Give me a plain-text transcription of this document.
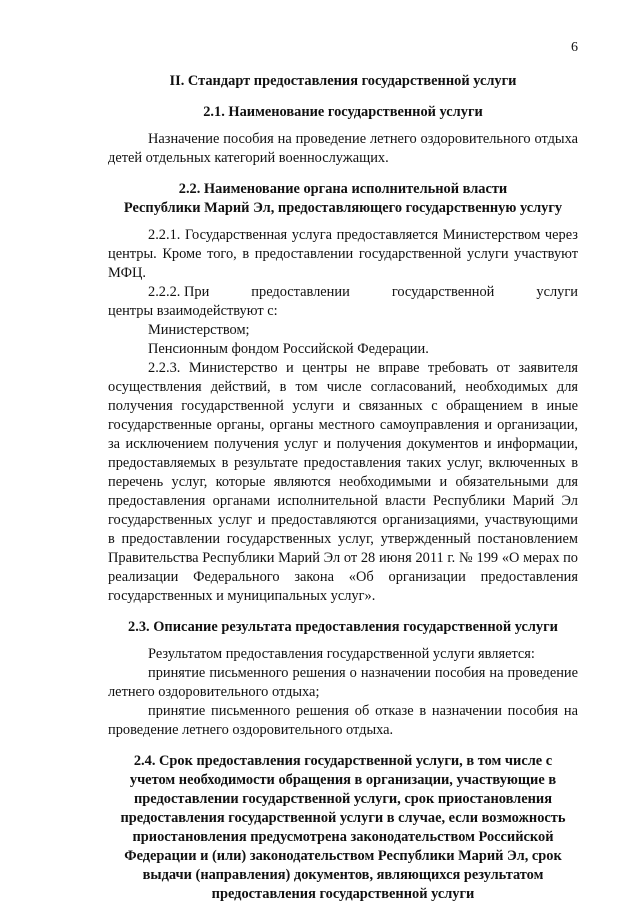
6
II. Стандарт предоставления государственной услуги
2.1. Наименование государственной услуги

Назначение пособия на проведение летнего оздоровительного отдыха детей отдельных категорий военнослужащих.

2.2. Наименование органа исполнительной власти
Республики Марий Эл, предоставляющего государственную услугу

2.2.1. Государственная услуга предоставляется Министерством через центры. Кроме того, в предоставлении государственной услуги участвуют МФЦ.

2.2.2. При	предоставлении	государственной	услуги

центры взаимодействуют с:

Министерством;

Пенсионным фондом Российской Федерации.

2.2.3. Министерство и центры не вправе требовать от заявителя осуществления действий, в том числе согласований, необходимых для получения государственной услуги и связанных с обращением в иные государственные органы, органы местного самоуправления и организации, за исключением получения услуг и получения документов и информации, предоставляемых в результате предоставления таких услуг, включенных в перечень услуг, которые являются необходимыми и обязательными для предоставления органами исполнительной власти Республики Марий Эл государственных услуг и предоставляются организациями, участвующими в предоставлении государственных услуг, утвержденный постановлением Правительства Республики Марий Эл от 28 июня 2011 г. № 199 «О мерах по реализации Федерального закона «Об организации предоставления государственных и муниципальных услуг».

2.3. Описание результата предоставления государственной услуги

Результатом предоставления государственной услуги является:

принятие письменного решения о назначении пособия на проведение летнего оздоровительного отдыха;

принятие письменного решения об отказе в назначении пособия на проведение летнего оздоровительного отдыха.

2.4. Срок предоставления государственной услуги, в том числе с
учетом необходимости обращения в организации, участвующие в
предоставлении государственной услуги, срок приостановления
предоставления государственной услуги в случае, если возможность
приостановления предусмотрена законодательством Российской
Федерации и (или) законодательством Республики Марий Эл, срок
выдачи (направления) документов, являющихся результатом
предоставления государственной услуги
